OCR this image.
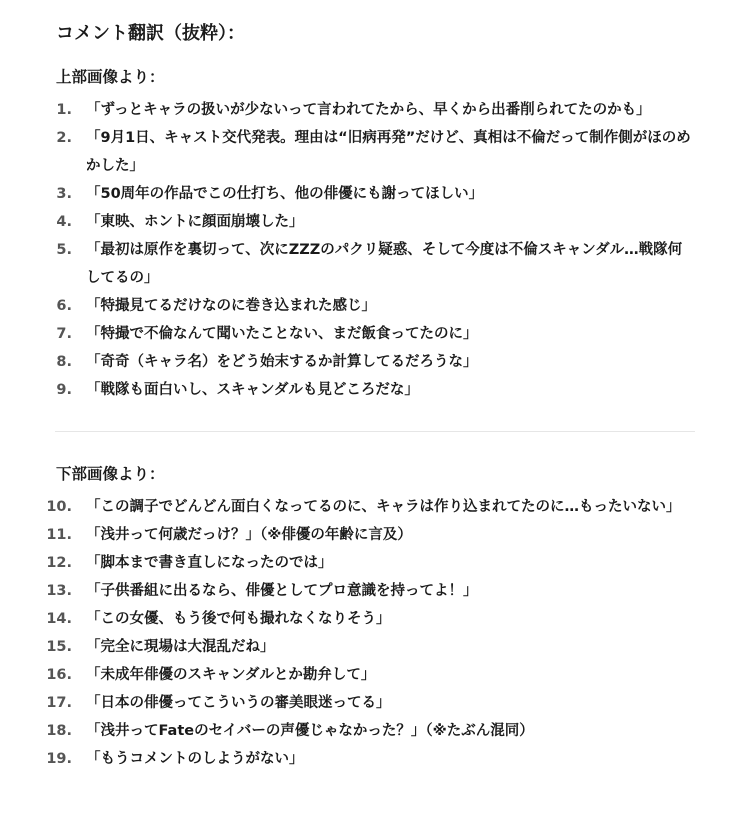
コメント翻訳（抜粋）：
上部画像より：
1. 「ずっとキャラの扱いが少ないって言われてたから、早くから出番削られてたのかも」
2. 「9月1日、キャスト交代発表。理由は“旧病再発”だけど、真相は不倫だって制作側がほのめかした」
3. 「50周年の作品でこの仕打ち、他の俳優にも謝ってほしい」
4. 「東映、ホントに顔面崩壊した」
5. 「最初は原作を裏切って、次にZZZのパクリ疑惑、そして今度は不倫スキャンダル…戦隊何してるの」
6. 「特撮見てるだけなのに巻き込まれた感じ」
7. 「特撮で不倫なんて聞いたことない、まだ飯食ってたのに」
8. 「奇奇（キャラ名）をどう始末するか計算してるだろうな」
9. 「戦隊も面白いし、スキャンダルも見どころだな」
下部画像より：
10. 「この調子でどんどん面白くなってるのに、キャラは作り込まれてたのに…もったいない」
11. 「浅井って何歳だっけ？」（※俳優の年齢に言及）
12. 「脚本まで書き直しになったのでは」
13. 「子供番組に出るなら、俳優としてプロ意識を持ってよ！」
14. 「この女優、もう後で何も撮れなくなりそう」
15. 「完全に現場は大混乱だね」
16. 「未成年俳優のスキャンダルとか勘弁して」
17. 「日本の俳優ってこういうの審美眼迷ってる」
18. 「浅井ってFateのセイバーの声優じゃなかった？」（※たぶん混同）
19. 「もうコメントのしようがない」
